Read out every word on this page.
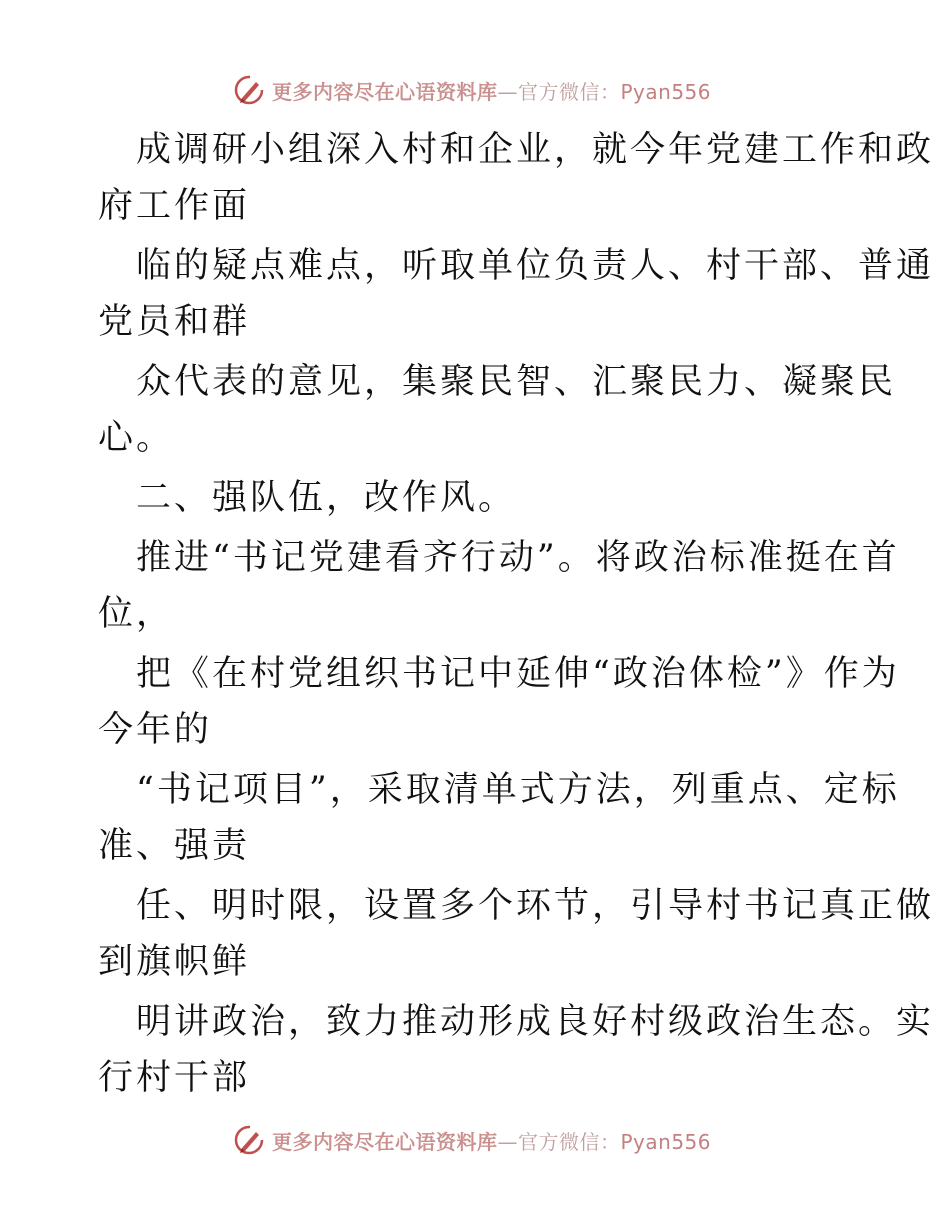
更多内容尽在心语资料库—官方微信：Pyan556
成调研小组深入村和企业，就今年党建工作和政
府工作面
临的疑点难点，听取单位负责人、村干部、普通
党员和群
众代表的意见，集聚民智、汇聚民力、凝聚民
心。
二、强队伍，改作风。
推进“书记党建看齐行动”。将政治标准挺在首
位，
把《在村党组织书记中延伸“政治体检”》作为
今年的
“书记项目”，采取清单式方法，列重点、定标
准、强责
任、明时限，设置多个环节，引导村书记真正做
到旗帜鲜
明讲政治，致力推动形成良好村级政治生态。实
行村干部
更多内容尽在心语资料库—官方微信：Pyan556
